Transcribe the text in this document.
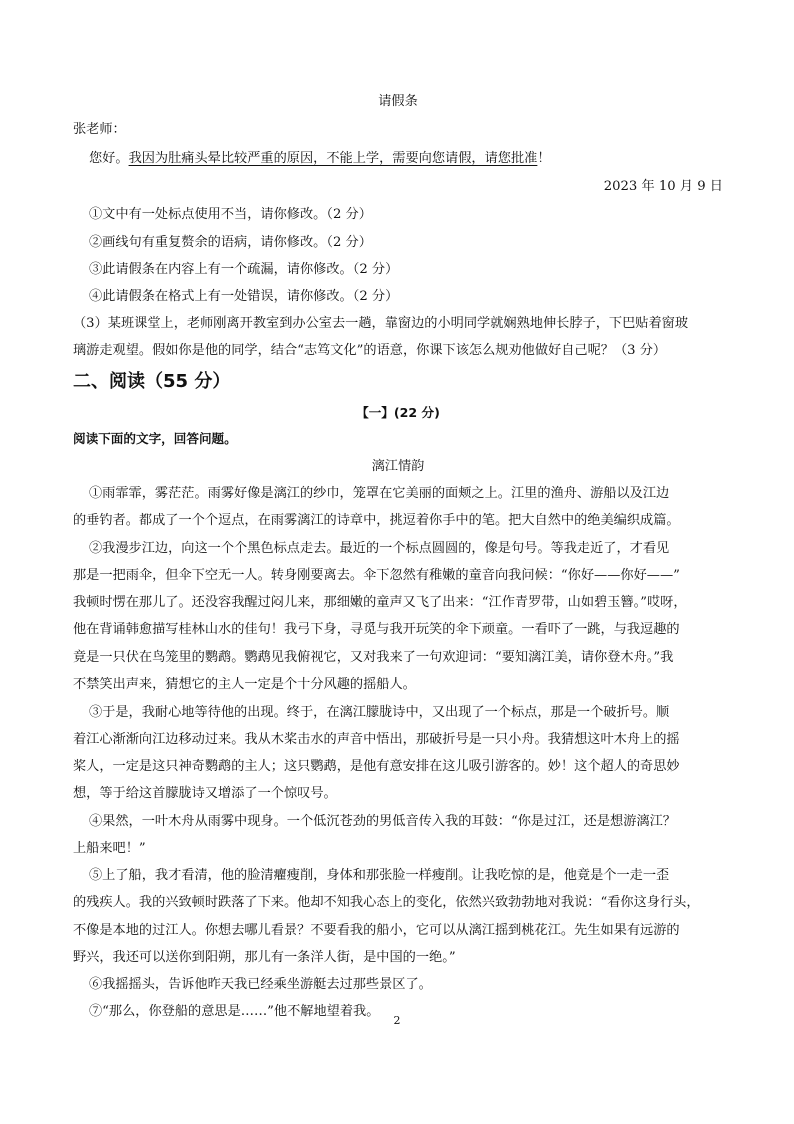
请假条
张老师：
您好。我因为肚痛头晕比较严重的原因，不能上学，需要向您请假，请您批准！
2023 年 10 月 9 日
①文中有一处标点使用不当，请你修改。（2 分）
②画线句有重复赘余的语病，请你修改。（2 分）
③此请假条在内容上有一个疏漏，请你修改。（2 分）
④此请假条在格式上有一处错误，请你修改。（2 分）
（3）某班课堂上，老师刚离开教室到办公室去一趟，靠窗边的小明同学就娴熟地伸长脖子，下巴贴着窗玻
璃游走观望。假如你是他的同学，结合“志笃文化”的语意，你课下该怎么规劝他做好自己呢？（3 分）
二、阅读（55 分）
【一】(22 分)
阅读下面的文字，回答问题。
漓江情韵
①雨霏霏，雾茫茫。雨雾好像是漓江的纱巾，笼罩在它美丽的面颊之上。江里的渔舟、游船以及江边
的垂钓者。都成了一个个逗点，在雨雾漓江的诗章中，挑逗着你手中的笔。把大自然中的绝美编织成篇。
②我漫步江边，向这一个个黑色标点走去。最近的一个标点圆圆的，像是句号。等我走近了，才看见
那是一把雨伞，但伞下空无一人。转身刚要离去。伞下忽然有稚嫩的童音向我问候：“你好——你好——”
我顿时愣在那儿了。还没容我醒过闷儿来，那细嫩的童声又飞了出来：“江作青罗带，山如碧玉簪。”哎呀，
他在背诵韩愈描写桂林山水的佳句！我弓下身，寻觅与我开玩笑的伞下顽童。一看吓了一跳，与我逗趣的
竟是一只伏在鸟笼里的鹦鹉。鹦鹉见我俯视它，又对我来了一句欢迎词：“要知漓江美，请你登木舟。”我
不禁笑出声来，猜想它的主人一定是个十分风趣的摇船人。
③于是，我耐心地等待他的出现。终于，在漓江朦胧诗中，又出现了一个标点，那是一个破折号。顺
着江心渐渐向江边移动过来。我从木桨击水的声音中悟出，那破折号是一只小舟。我猜想这叶木舟上的摇
桨人，一定是这只神奇鹦鹉的主人；这只鹦鹉，是他有意安排在这儿吸引游客的。妙！这个超人的奇思妙
想，等于给这首朦胧诗又增添了一个惊叹号。
④果然，一叶木舟从雨雾中现身。一个低沉苍劲的男低音传入我的耳鼓：“你是过江，还是想游漓江？
上船来吧！”
⑤上了船，我才看清，他的脸清癯瘦削，身体和那张脸一样瘦削。让我吃惊的是，他竟是个一走一歪
的残疾人。我的兴致顿时跌落了下来。他却不知我心态上的变化，依然兴致勃勃地对我说：“看你这身行头，
不像是本地的过江人。你想去哪儿看景？不要看我的船小，它可以从漓江摇到桃花江。先生如果有远游的
野兴，我还可以送你到阳朔，那儿有一条洋人街，是中国的一绝。”
⑥我摇摇头，告诉他昨天我已经乘坐游艇去过那些景区了。
⑦“那么，你登船的意思是……”他不解地望着我。
2
